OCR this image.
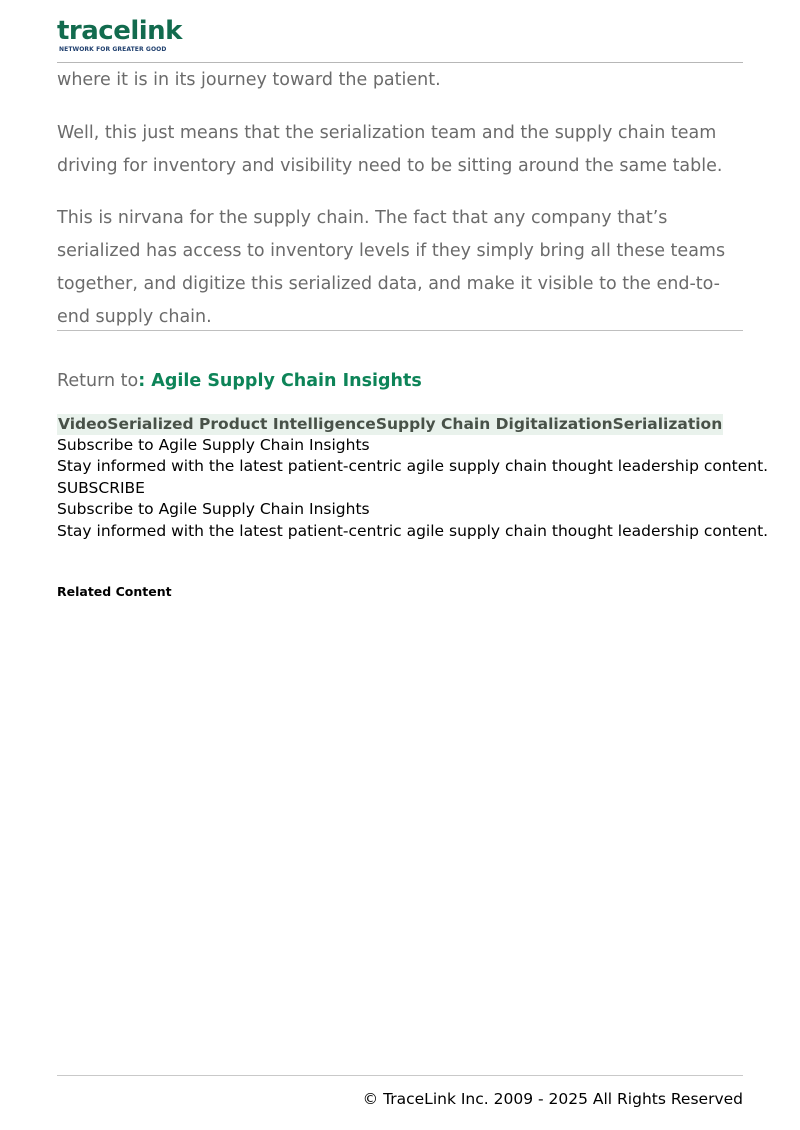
tracelink
NETWORK FOR GREATER GOOD

where it is in its journey toward the patient.

Well, this just means that the serialization team and the supply chain team driving for inventory and visibility need to be sitting around the same table.

This is nirvana for the supply chain. The fact that any company that’s serialized has access to inventory levels if they simply bring all these teams together, and digitize this serialized data, and make it visible to the end-to-end supply chain.

Return to: Agile Supply Chain Insights
VideoSerialized Product IntelligenceSupply Chain DigitalizationSerialization
Subscribe to Agile Supply Chain Insights
Stay informed with the latest patient-centric agile supply chain thought leadership content.
SUBSCRIBE
Subscribe to Agile Supply Chain Insights
Stay informed with the latest patient-centric agile supply chain thought leadership content.
Related Content
© TraceLink Inc. 2009 - 2025 All Rights Reserved
